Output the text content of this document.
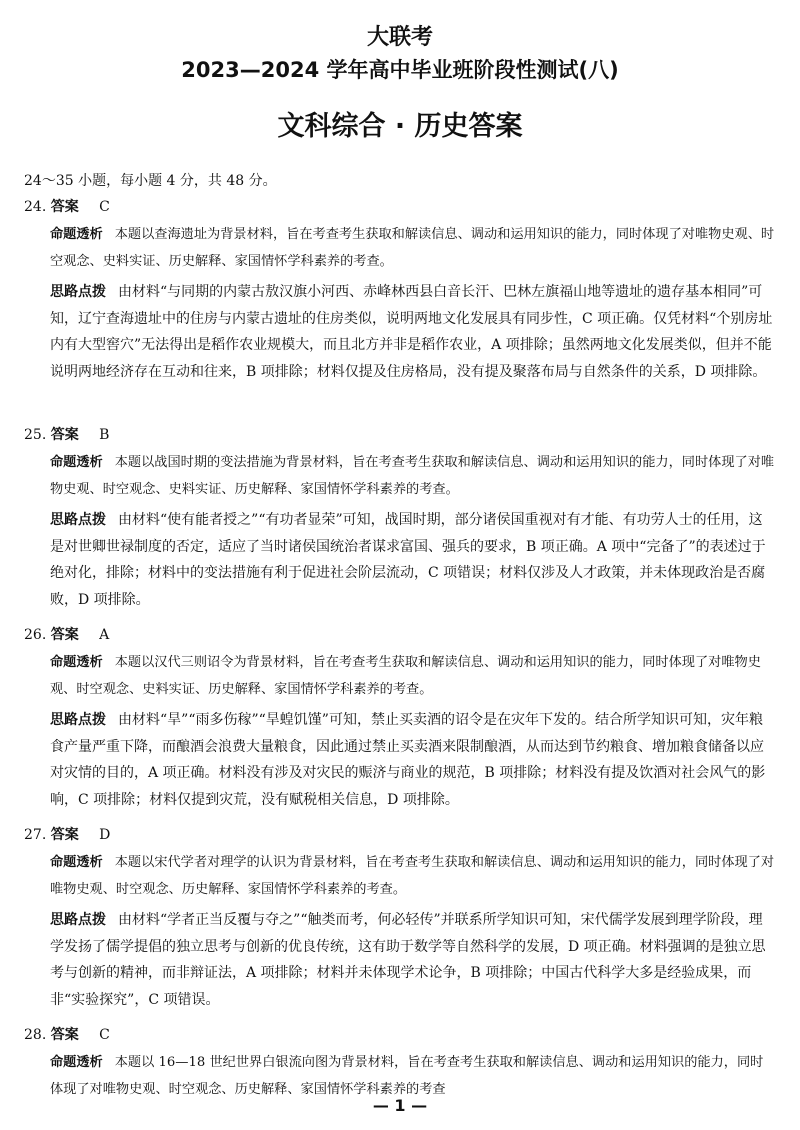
大联考
2023—2024 学年高中毕业班阶段性测试(八)
文科综合 · 历史答案
24～35 小题，每小题 4 分，共 48 分。
24. 答案 C
命题透析 本题以查海遗址为背景材料，旨在考查考生获取和解读信息、调动和运用知识的能力，同时体现了对唯物史观、时空观念、史料实证、历史解释、家国情怀学科素养的考查。
思路点拨 由材料“与同期的内蒙古敖汉旗小河西、赤峰林西县白音长汗、巴林左旗福山地等遗址的遗存基本相同”可知，辽宁查海遗址中的住房与内蒙古遗址的住房类似，说明两地文化发展具有同步性，C 项正确。仅凭材料“个别房址内有大型窖穴”无法得出是稻作农业规模大，而且北方并非是稻作农业，A 项排除；虽然两地文化发展类似，但并不能说明两地经济存在互动和往来，B 项排除；材料仅提及住房格局，没有提及聚落布局与自然条件的关系，D 项排除。
25. 答案 B
命题透析 本题以战国时期的变法措施为背景材料，旨在考查考生获取和解读信息、调动和运用知识的能力，同时体现了对唯物史观、时空观念、史料实证、历史解释、家国情怀学科素养的考查。
思路点拨 由材料“使有能者授之”“有功者显荣”可知，战国时期，部分诸侯国重视对有才能、有功劳人士的任用，这是对世卿世禄制度的否定，适应了当时诸侯国统治者谋求富国、强兵的要求，B 项正确。A 项中“完备了”的表述过于绝对化，排除；材料中的变法措施有利于促进社会阶层流动，C 项错误；材料仅涉及人才政策，并未体现政治是否腐败，D 项排除。
26. 答案 A
命题透析 本题以汉代三则诏令为背景材料，旨在考查考生获取和解读信息、调动和运用知识的能力，同时体现了对唯物史观、时空观念、史料实证、历史解释、家国情怀学科素养的考查。
思路点拨 由材料“旱”“雨多伤稼”“旱蝗饥馑”可知，禁止买卖酒的诏令是在灾年下发的。结合所学知识可知，灾年粮食产量严重下降，而酿酒会浪费大量粮食，因此通过禁止买卖酒来限制酿酒，从而达到节约粮食、增加粮食储备以应对灾情的目的，A 项正确。材料没有涉及对灾民的赈济与商业的规范，B 项排除；材料没有提及饮酒对社会风气的影响，C 项排除；材料仅提到灾荒，没有赋税相关信息，D 项排除。
27. 答案 D
命题透析 本题以宋代学者对理学的认识为背景材料，旨在考查考生获取和解读信息、调动和运用知识的能力，同时体现了对唯物史观、时空观念、历史解释、家国情怀学科素养的考查。
思路点拨 由材料“学者正当反覆与夺之”“触类而考，何必轻传”并联系所学知识可知，宋代儒学发展到理学阶段，理学发扬了儒学提倡的独立思考与创新的优良传统，这有助于数学等自然科学的发展，D 项正确。材料强调的是独立思考与创新的精神，而非辩证法，A 项排除；材料并未体现学术论争，B 项排除；中国古代科学大多是经验成果，而非“实验探究”，C 项错误。
28. 答案 C
命题透析 本题以 16—18 世纪世界白银流向图为背景材料，旨在考查考生获取和解读信息、调动和运用知识的能力，同时体现了对唯物史观、时空观念、历史解释、家国情怀学科素养的考查
— 1 —
